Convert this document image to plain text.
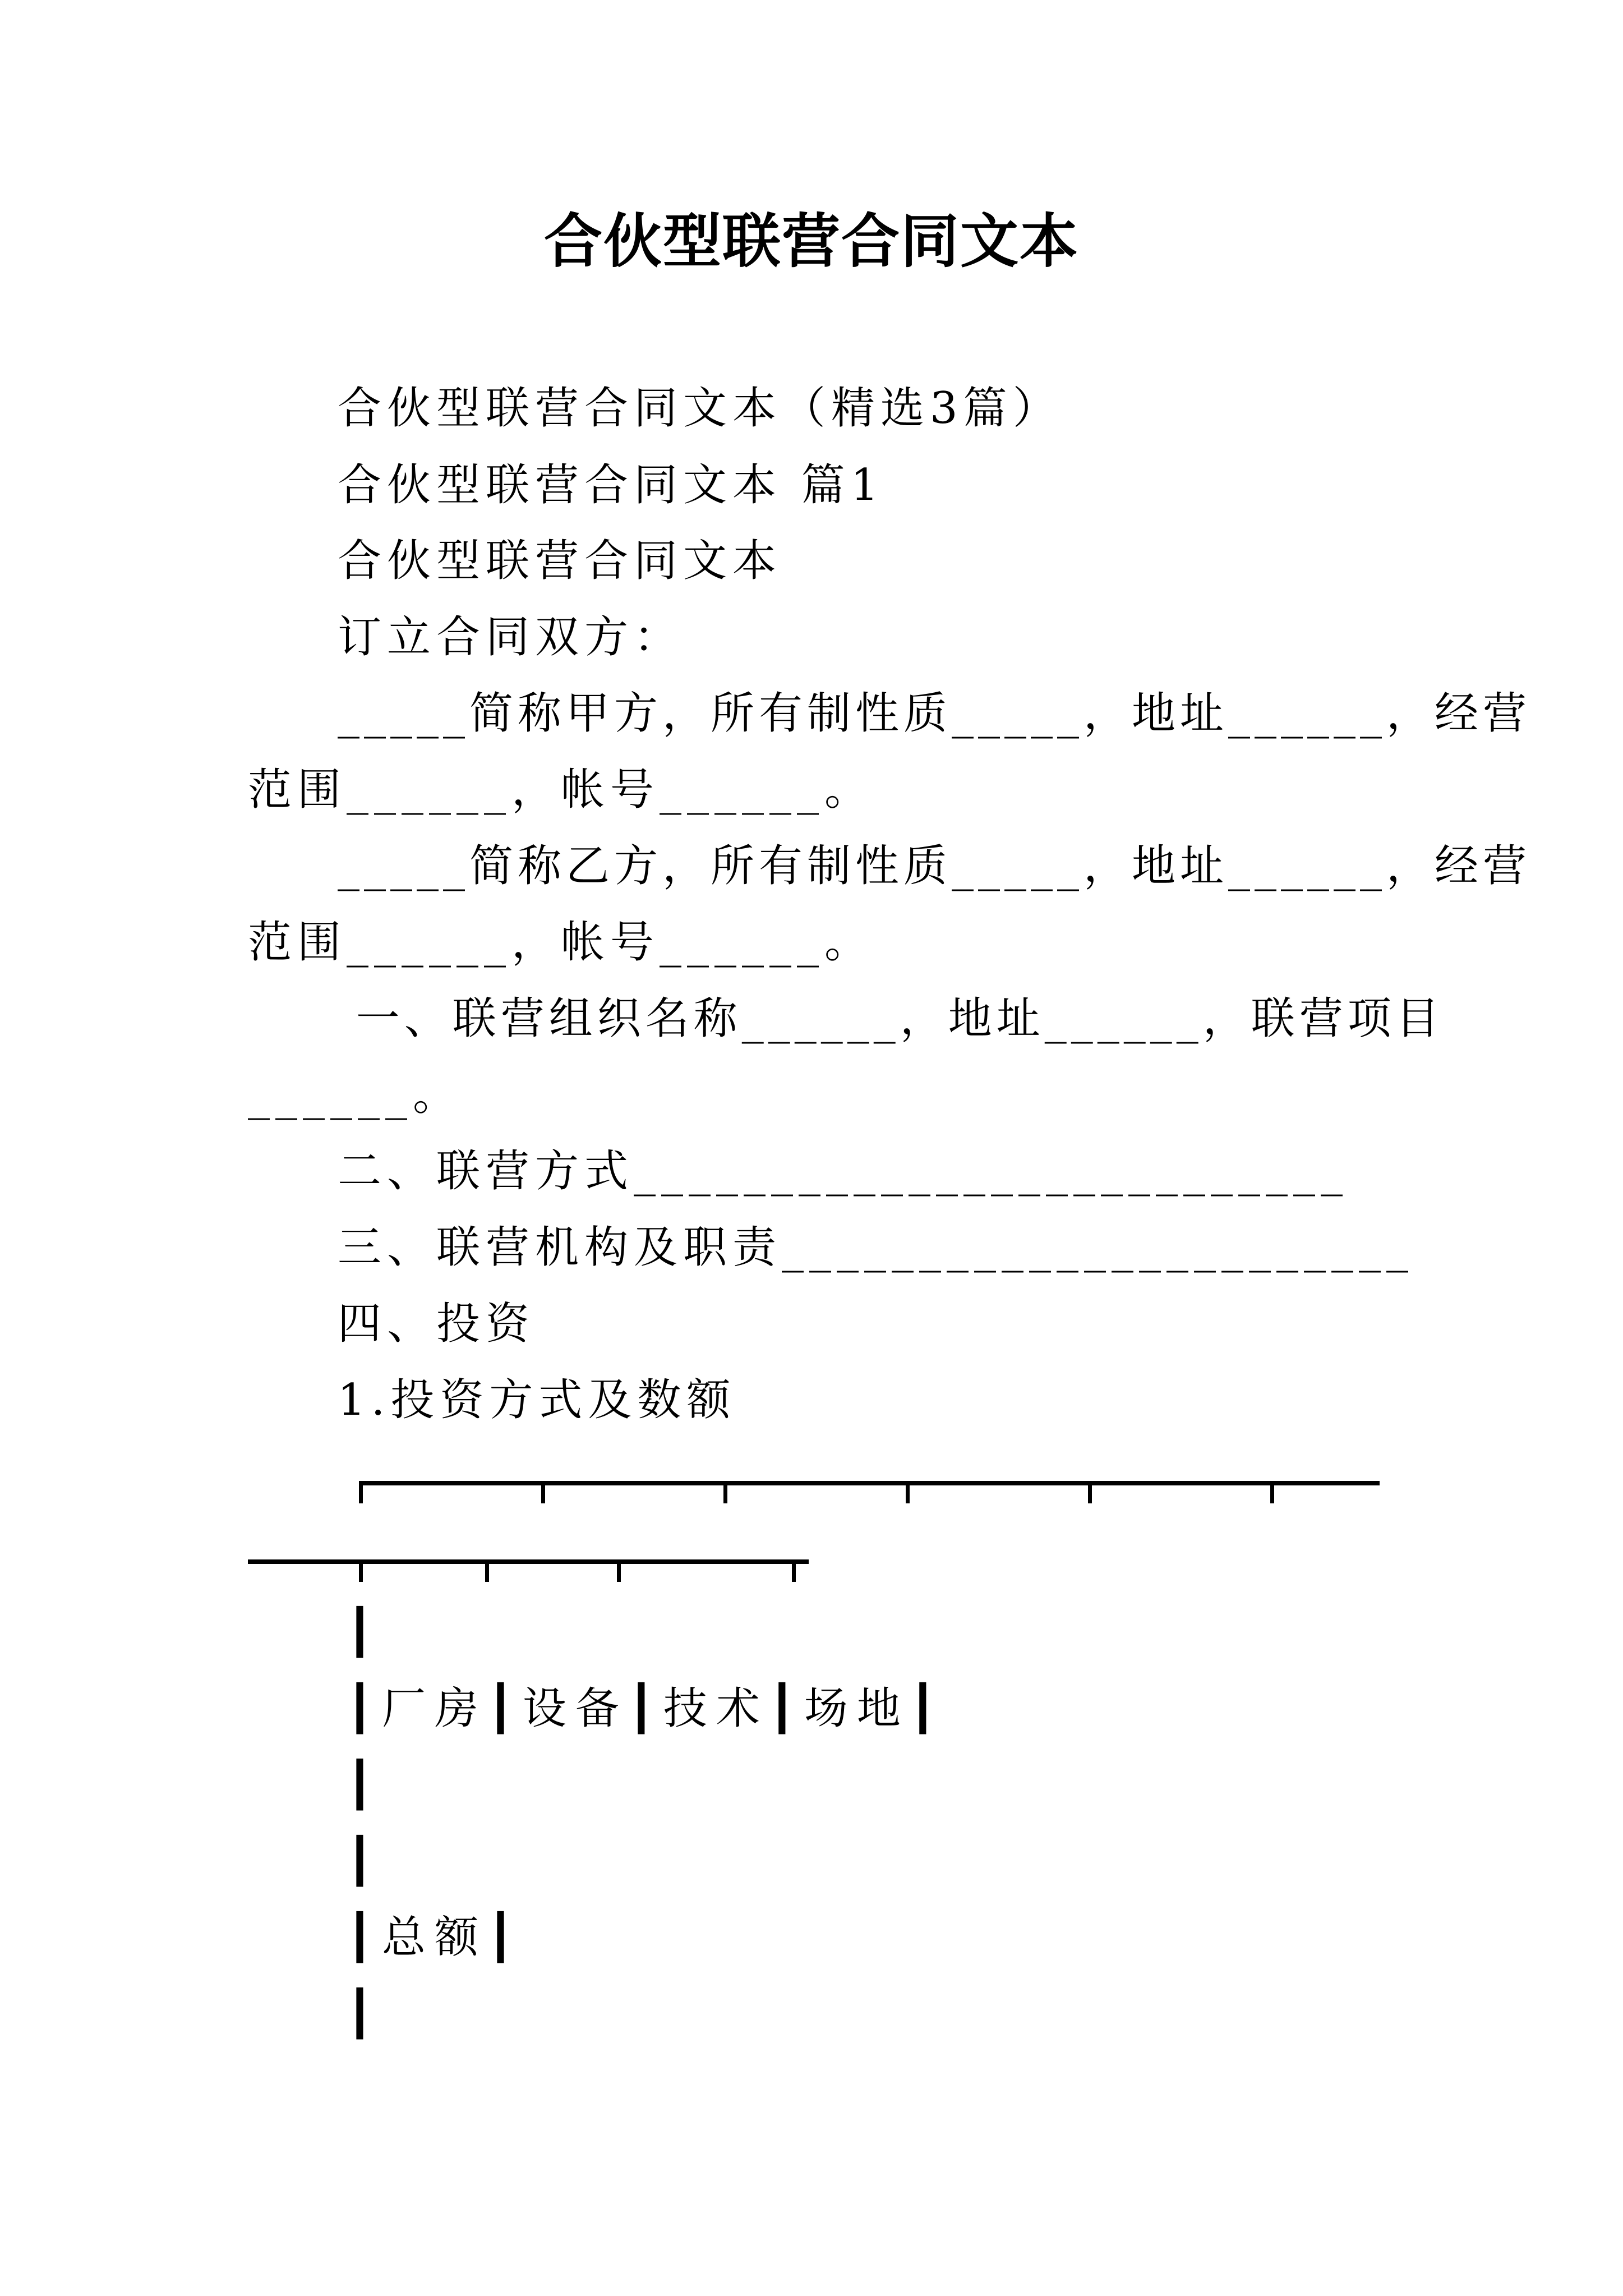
合伙型联营合同文本
合伙型联营合同文本（精选3篇）
合伙型联营合同文本 篇1
合伙型联营合同文本
订立合同双方：
_____简称甲方，所有制性质_____，地址______，经营
范围______，帐号______。
_____简称乙方，所有制性质_____，地址______，经营
范围______，帐号______。
一、联营组织名称______，地址______，联营项目
______。
二、联营方式__________________________
三、联营机构及职责_______________________
四、投资
1.投资方式及数额
┃
┃厂房┃设备┃技术┃场地┃
┃
┃
┃总额┃
┃
